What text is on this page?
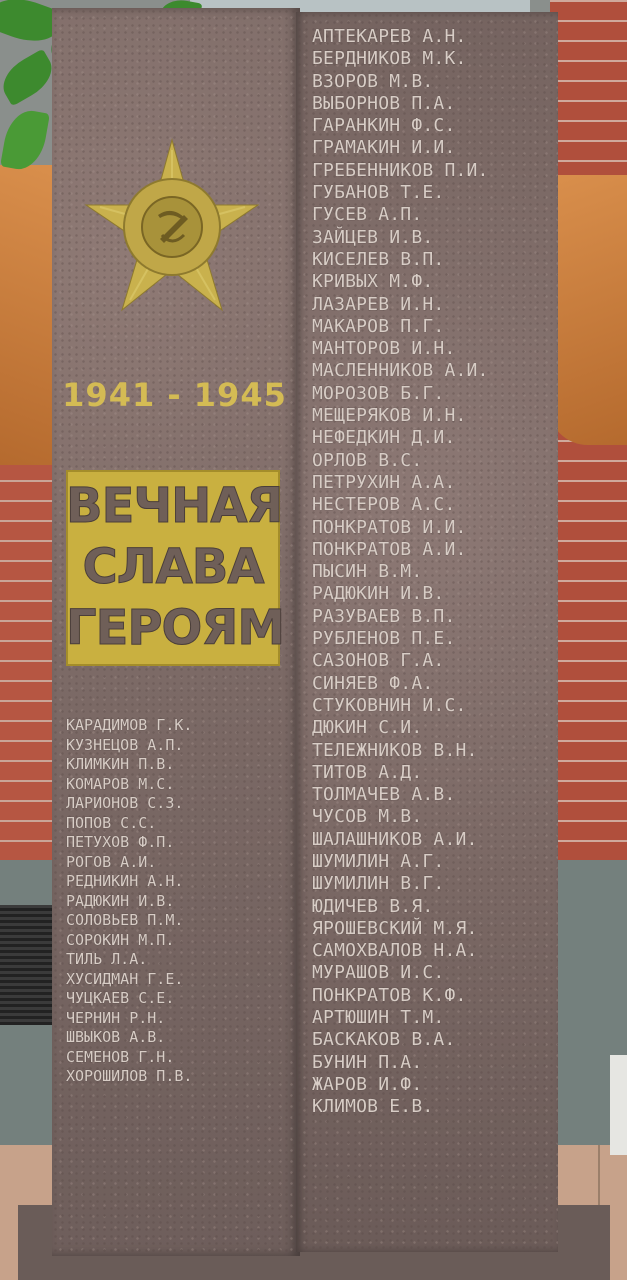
1941 - 1945
ВЕЧНАЯ
СЛАВА
ГЕРОЯМ
АПТЕКАРЕВ А.Н.
БЕРДНИКОВ М.К.
ВЗОРОВ М.В.
ВЫБОРНОВ П.А.
ГАРАНКИН Ф.С.
ГРАМАКИН И.И.
ГРЕБЕННИКОВ П.И.
ГУБАНОВ Т.Е.
ГУСЕВ А.П.
ЗАЙЦЕВ И.В.
КИСЕЛЕВ В.П.
КРИВЫХ М.Ф.
ЛАЗАРЕВ И.Н.
МАКАРОВ П.Г.
МАНТОРОВ И.Н.
МАСЛЕННИКОВ А.И.
МОРОЗОВ Б.Г.
МЕЩЕРЯКОВ И.Н.
НЕФЕДКИН Д.И.
ОРЛОВ В.С.
ПЕТРУХИН А.А.
НЕСТЕРОВ А.С.
ПОНКРАТОВ И.И.
ПОНКРАТОВ А.И.
ПЫСИН В.М.
РАДЮКИН И.В.
РАЗУВАЕВ В.П.
РУБЛЕНОВ П.Е.
САЗОНОВ Г.А.
СИНЯЕВ Ф.А.
СТУКОВНИН И.С.
ДЮКИН С.И.
ТЕЛЕЖНИКОВ В.Н.
ТИТОВ А.Д.
ТОЛМАЧЕВ А.В.
ЧУСОВ М.В.
ШАЛАШНИКОВ А.И.
ШУМИЛИН А.Г.
ШУМИЛИН В.Г.
ЮДИЧЕВ В.Я.
ЯРОШЕВСКИЙ М.Я.
САМОХВАЛОВ Н.А.
МУРАШОВ И.С.
ПОНКРАТОВ К.Ф.
АРТЮШИН Т.М.
БАСКАКОВ В.А.
БУНИН П.А.
ЖАРОВ И.Ф.
КЛИМОВ Е.В.
КАРАДИМОВ Г.К.
КУЗНЕЦОВ А.П.
КЛИМКИН П.В.
КОМАРОВ М.С.
ЛАРИОНОВ С.З.
ПОПОВ С.С.
ПЕТУХОВ Ф.П.
РОГОВ А.И.
РЕДНИКИН А.Н.
РАДЮКИН И.В.
СОЛОВЬЕВ П.М.
СОРОКИН М.П.
ТИЛЬ Л.А.
ХУСИДМАН Г.Е.
ЧУЦКАЕВ С.Е.
ЧЕРНИН Р.Н.
ШВЫКОВ А.В.
СЕМЕНОВ Г.Н.
ХОРОШИЛОВ П.В.
